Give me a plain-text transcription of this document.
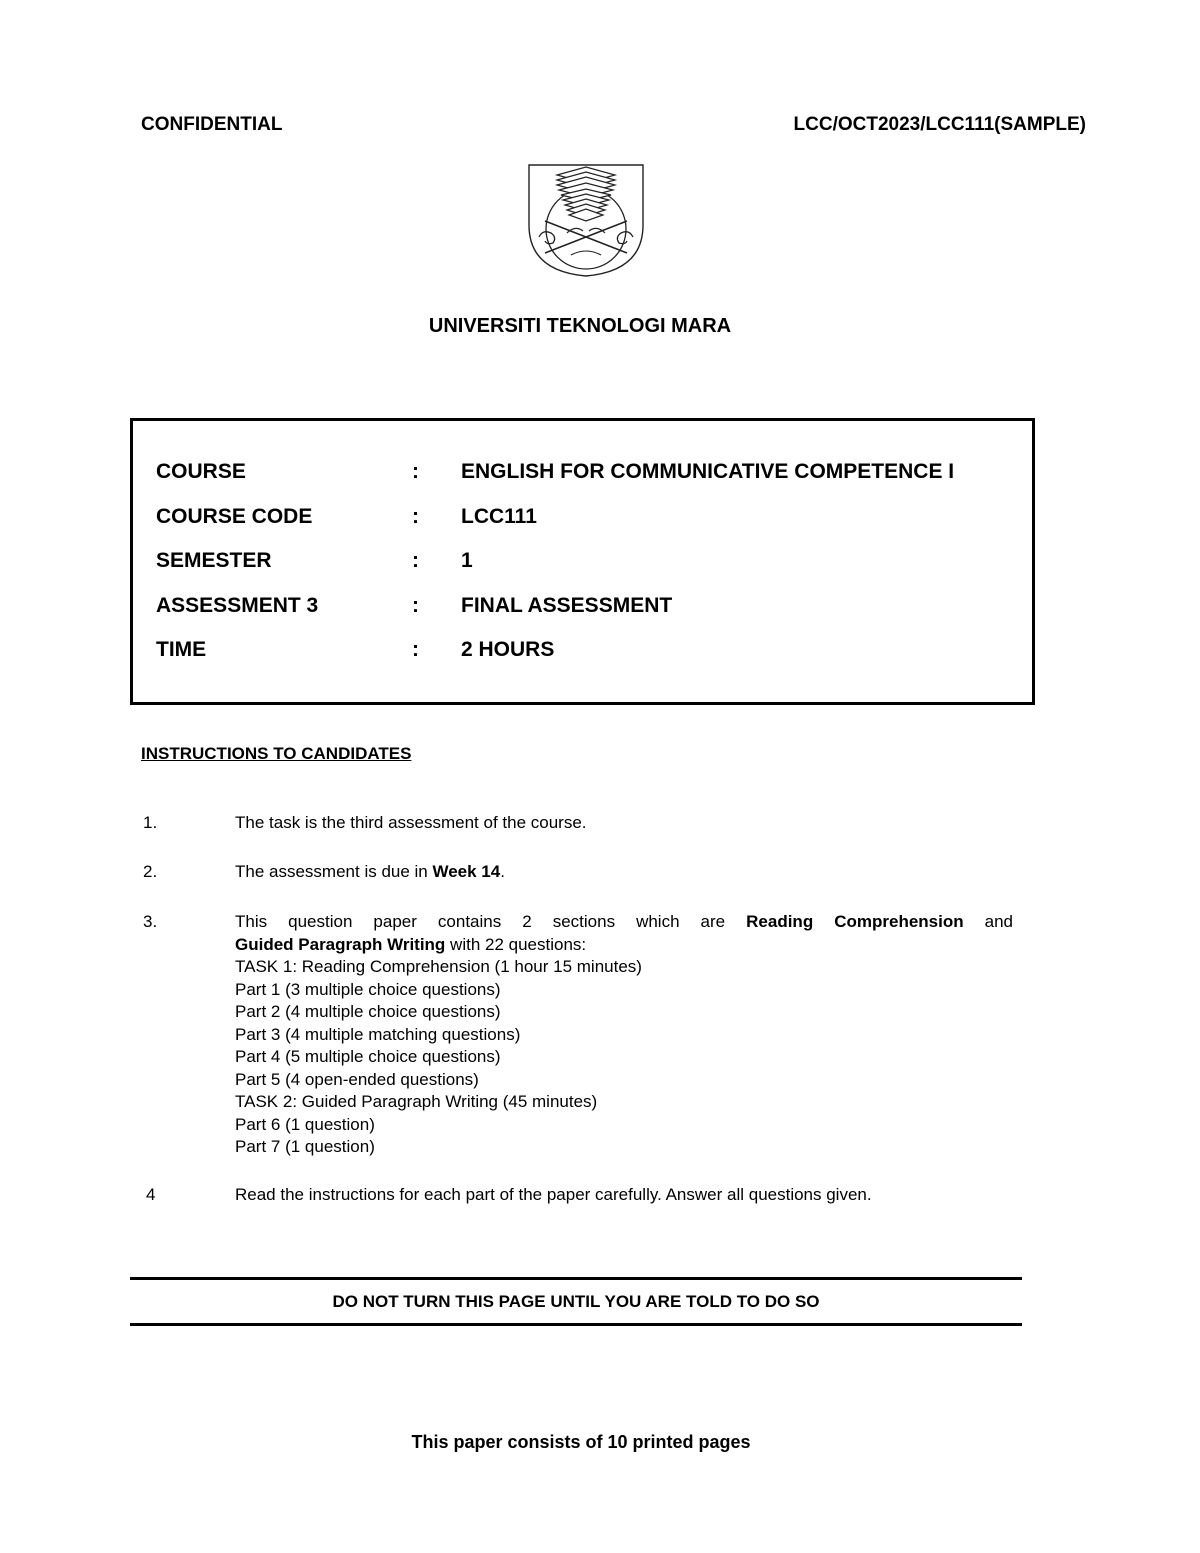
CONFIDENTIAL	LCC/OCT2023/LCC111(SAMPLE)
UNIVERSITI TEKNOLOGI MARA
COURSE	: ENGLISH FOR COMMUNICATIVE COMPETENCE I
COURSE CODE	: LCC111
SEMESTER	: 1
ASSESSMENT 3	: FINAL ASSESSMENT
TIME	: 2 HOURS
INSTRUCTIONS TO CANDIDATES
1.	The task is the third assessment of the course.
2.	The assessment is due in Week 14.
3.	This question paper contains 2 sections which are Reading Comprehension and
Guided Paragraph Writing with 22 questions:
TASK 1: Reading Comprehension (1 hour 15 minutes)
Part 1 (3 multiple choice questions)
Part 2 (4 multiple choice questions)
Part 3 (4 multiple matching questions)
Part 4 (5 multiple choice questions)
Part 5 (4 open-ended questions)
TASK 2: Guided Paragraph Writing (45 minutes)
Part 6 (1 question)
Part 7 (1 question)
4	Read the instructions for each part of the paper carefully. Answer all questions given.
DO NOT TURN THIS PAGE UNTIL YOU ARE TOLD TO DO SO
This paper consists of 10 printed pages
